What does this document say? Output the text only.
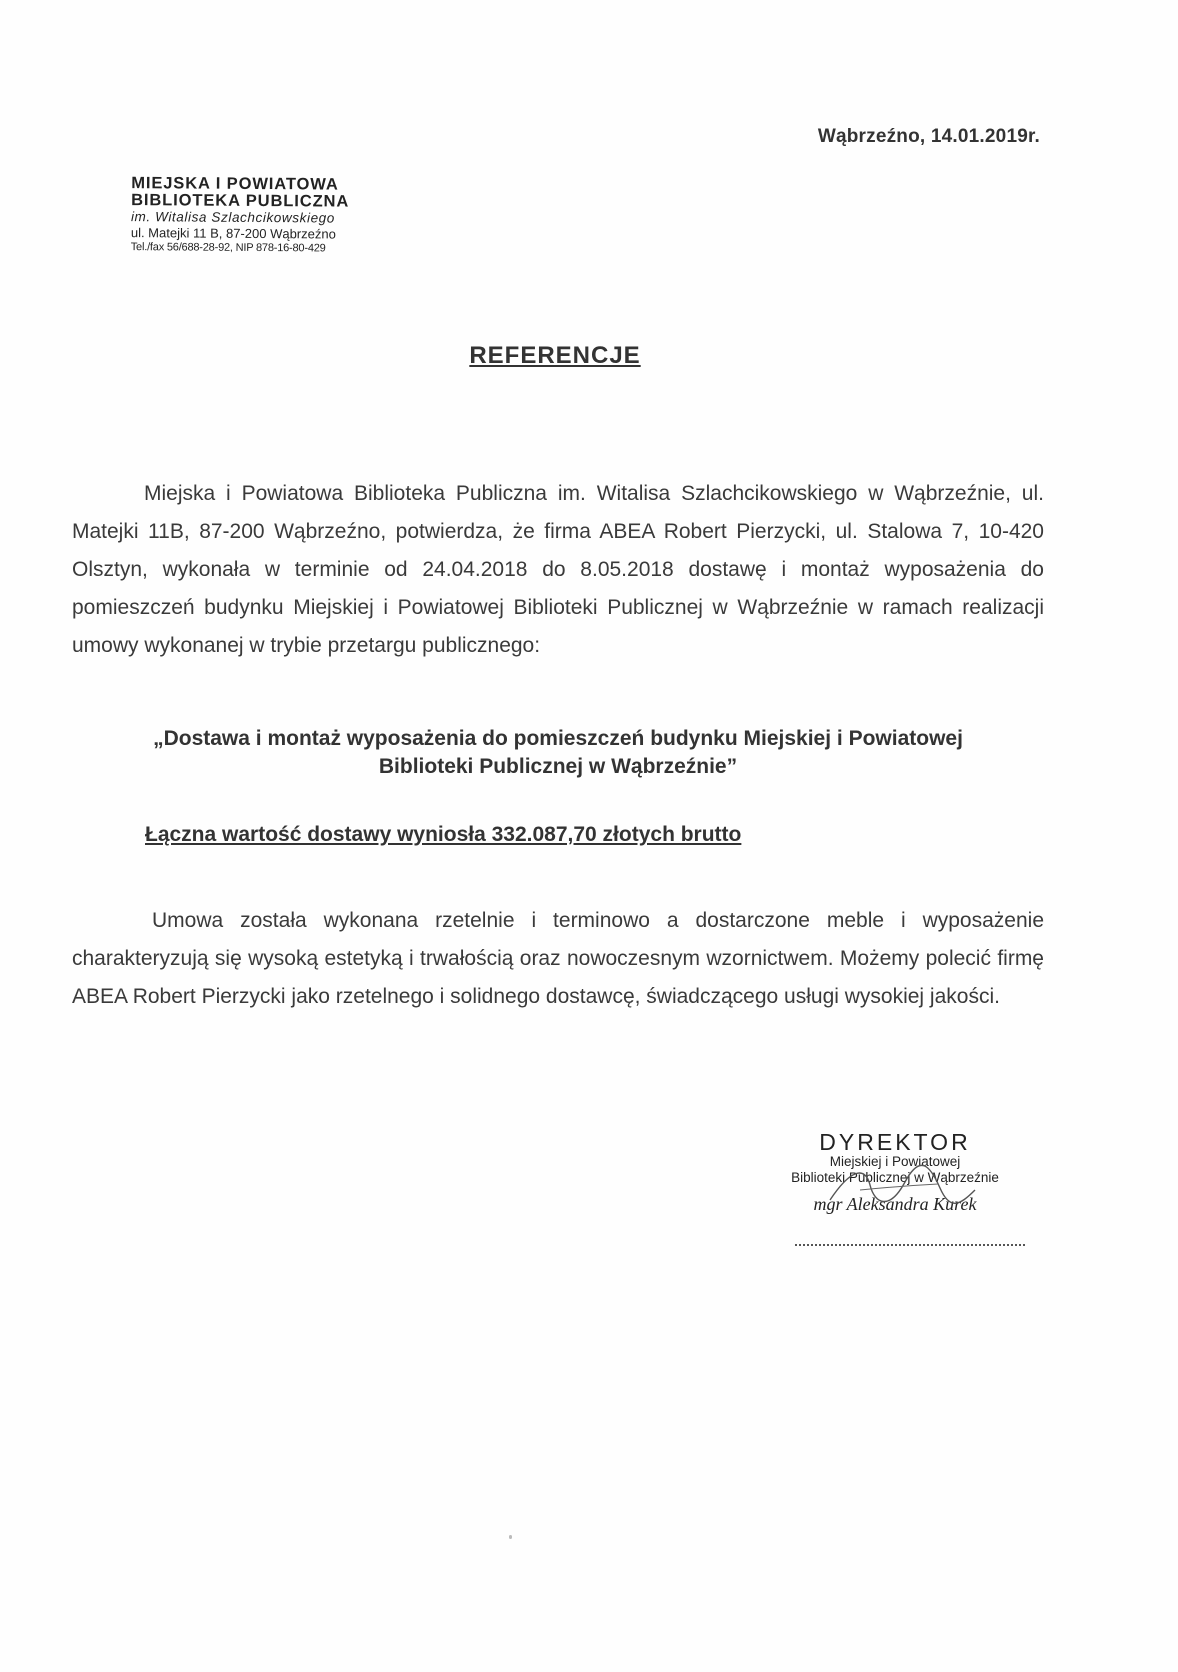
Wąbrzeźno, 14.01.2019r.
MIEJSKA I POWIATOWA
BIBLIOTEKA PUBLICZNA
im. Witalisa Szlachcikowskiego
ul. Matejki 11 B, 87-200 Wąbrzeźno
Tel./fax 56/688-28-92, NIP 878-16-80-429
REFERENCJE
Miejska i Powiatowa Biblioteka Publiczna im. Witalisa Szlachcikowskiego w Wąbrzeźnie, ul. Matejki 11B, 87-200 Wąbrzeźno, potwierdza, że firma ABEA Robert Pierzycki, ul. Stalowa 7, 10-420 Olsztyn, wykonała w terminie od 24.04.2018 do 8.05.2018 dostawę i montaż wyposażenia do pomieszczeń budynku Miejskiej i Powiatowej Biblioteki Publicznej w Wąbrzeźnie w ramach realizacji umowy wykonanej w trybie przetargu publicznego:
„Dostawa i montaż wyposażenia do pomieszczeń budynku Miejskiej i Powiatowej
Biblioteki Publicznej w Wąbrzeźnie”
Łączna wartość dostawy wyniosła 332.087,70 złotych brutto
Umowa została wykonana rzetelnie i terminowo a dostarczone meble i wyposażenie charakteryzują się wysoką estetyką i trwałością oraz nowoczesnym wzornictwem. Możemy polecić firmę ABEA Robert Pierzycki jako rzetelnego i solidnego dostawcę, świadczącego usługi wysokiej jakości.
DYREKTOR
Miejskiej i Powiatowej
Biblioteki Publicznej w Wąbrzeźnie
mgr Aleksandra Kurek
